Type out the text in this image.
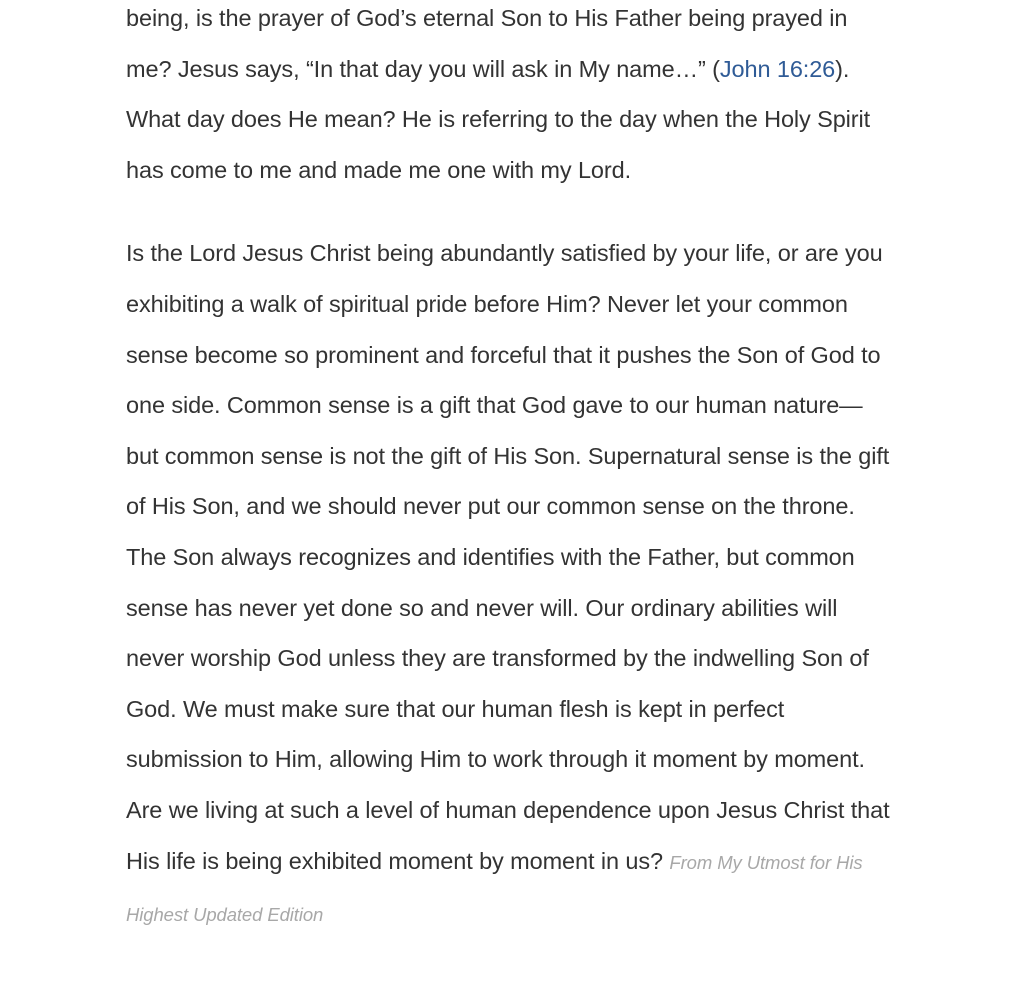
being, is the prayer of God’s eternal Son to His Father being prayed in me? Jesus says, “In that day you will ask in My name…” (John 16:26). What day does He mean? He is referring to the day when the Holy Spirit has come to me and made me one with my Lord.

Is the Lord Jesus Christ being abundantly satisfied by your life, or are you exhibiting a walk of spiritual pride before Him? Never let your common sense become so prominent and forceful that it pushes the Son of God to one side. Common sense is a gift that God gave to our human nature— but common sense is not the gift of His Son. Supernatural sense is the gift of His Son, and we should never put our common sense on the throne. The Son always recognizes and identifies with the Father, but common sense has never yet done so and never will. Our ordinary abilities will never worship God unless they are transformed by the indwelling Son of God. We must make sure that our human flesh is kept in perfect submission to Him, allowing Him to work through it moment by moment. Are we living at such a level of human dependence upon Jesus Christ that His life is being exhibited moment by moment in us? From My Utmost for His Highest Updated Edition
